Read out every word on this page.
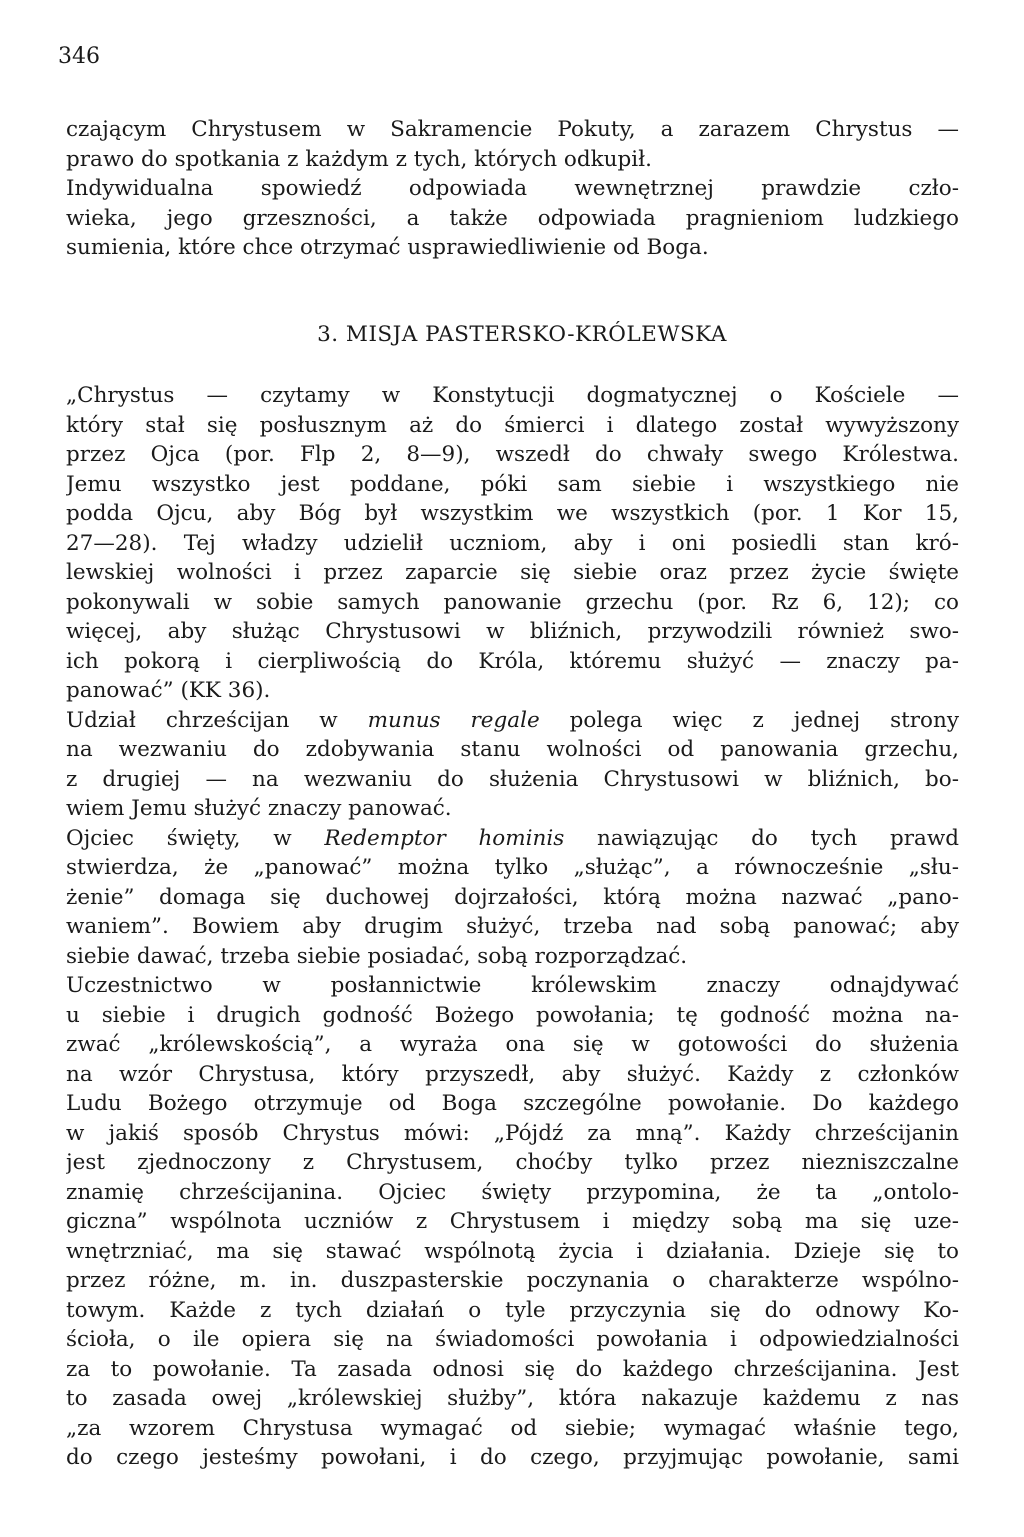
346
czającym Chrystusem w Sakramencie Pokuty, a zarazem Chrystus —
prawo do spotkania z każdym z tych, których odkupił.
Indywidualna spowiedź odpowiada wewnętrznej prawdzie czło-
wieka, jego grzeszności, a także odpowiada pragnieniom ludzkiego
sumienia, które chce otrzymać usprawiedliwienie od Boga.
3. MISJA PASTERSKO-KRÓLEWSKA
„Chrystus — czytamy w Konstytucji dogmatycznej o Kościele —
który stał się posłusznym aż do śmierci i dlatego został wywyższony
przez Ojca (por. Flp 2, 8—9), wszedł do chwały swego Królestwa.
Jemu wszystko jest poddane, póki sam siebie i wszystkiego nie
podda Ojcu, aby Bóg był wszystkim we wszystkich (por. 1 Kor 15,
27—28). Tej władzy udzielił uczniom, aby i oni posiedli stan kró-
lewskiej wolności i przez zaparcie się siebie oraz przez życie święte
pokonywali w sobie samych panowanie grzechu (por. Rz 6, 12); co
więcej, aby służąc Chrystusowi w bliźnich, przywodzili również swo-
ich pokorą i cierpliwością do Króla, któremu służyć — znaczy pa-
panować” (KK 36).
Udział chrześcijan w munus regale polega więc z jednej strony
na wezwaniu do zdobywania stanu wolności od panowania grzechu,
z drugiej — na wezwaniu do służenia Chrystusowi w bliźnich, bo-
wiem Jemu służyć znaczy panować.
Ojciec święty, w Redemptor hominis nawiązując do tych prawd
stwierdza, że „panować” można tylko „służąc”, a równocześnie „słu-
żenie” domaga się duchowej dojrzałości, którą można nazwać „pano-
waniem”. Bowiem aby drugim służyć, trzeba nad sobą panować; aby
siebie dawać, trzeba siebie posiadać, sobą rozporządzać.
Uczestnictwo w posłannictwie królewskim znaczy odnajdywać
u siebie i drugich godność Bożego powołania; tę godność można na-
zwać „królewskością”, a wyraża ona się w gotowości do służenia
na wzór Chrystusa, który przyszedł, aby służyć. Każdy z członków
Ludu Bożego otrzymuje od Boga szczególne powołanie. Do każdego
w jakiś sposób Chrystus mówi: „Pójdź za mną”. Każdy chrześcijanin
jest zjednoczony z Chrystusem, choćby tylko przez niezniszczalne
znamię chrześcijanina. Ojciec święty przypomina, że ta „ontolo-
giczna” wspólnota uczniów z Chrystusem i między sobą ma się uze-
wnętrzniać, ma się stawać wspólnotą życia i działania. Dzieje się to
przez różne, m. in. duszpasterskie poczynania o charakterze wspólno-
towym. Każde z tych działań o tyle przyczynia się do odnowy Ko-
ścioła, o ile opiera się na świadomości powołania i odpowiedzialności
za to powołanie. Ta zasada odnosi się do każdego chrześcijanina. Jest
to zasada owej „królewskiej służby”, która nakazuje każdemu z nas
„za wzorem Chrystusa wymagać od siebie; wymagać właśnie tego,
do czego jesteśmy powołani, i do czego, przyjmując powołanie, sami
